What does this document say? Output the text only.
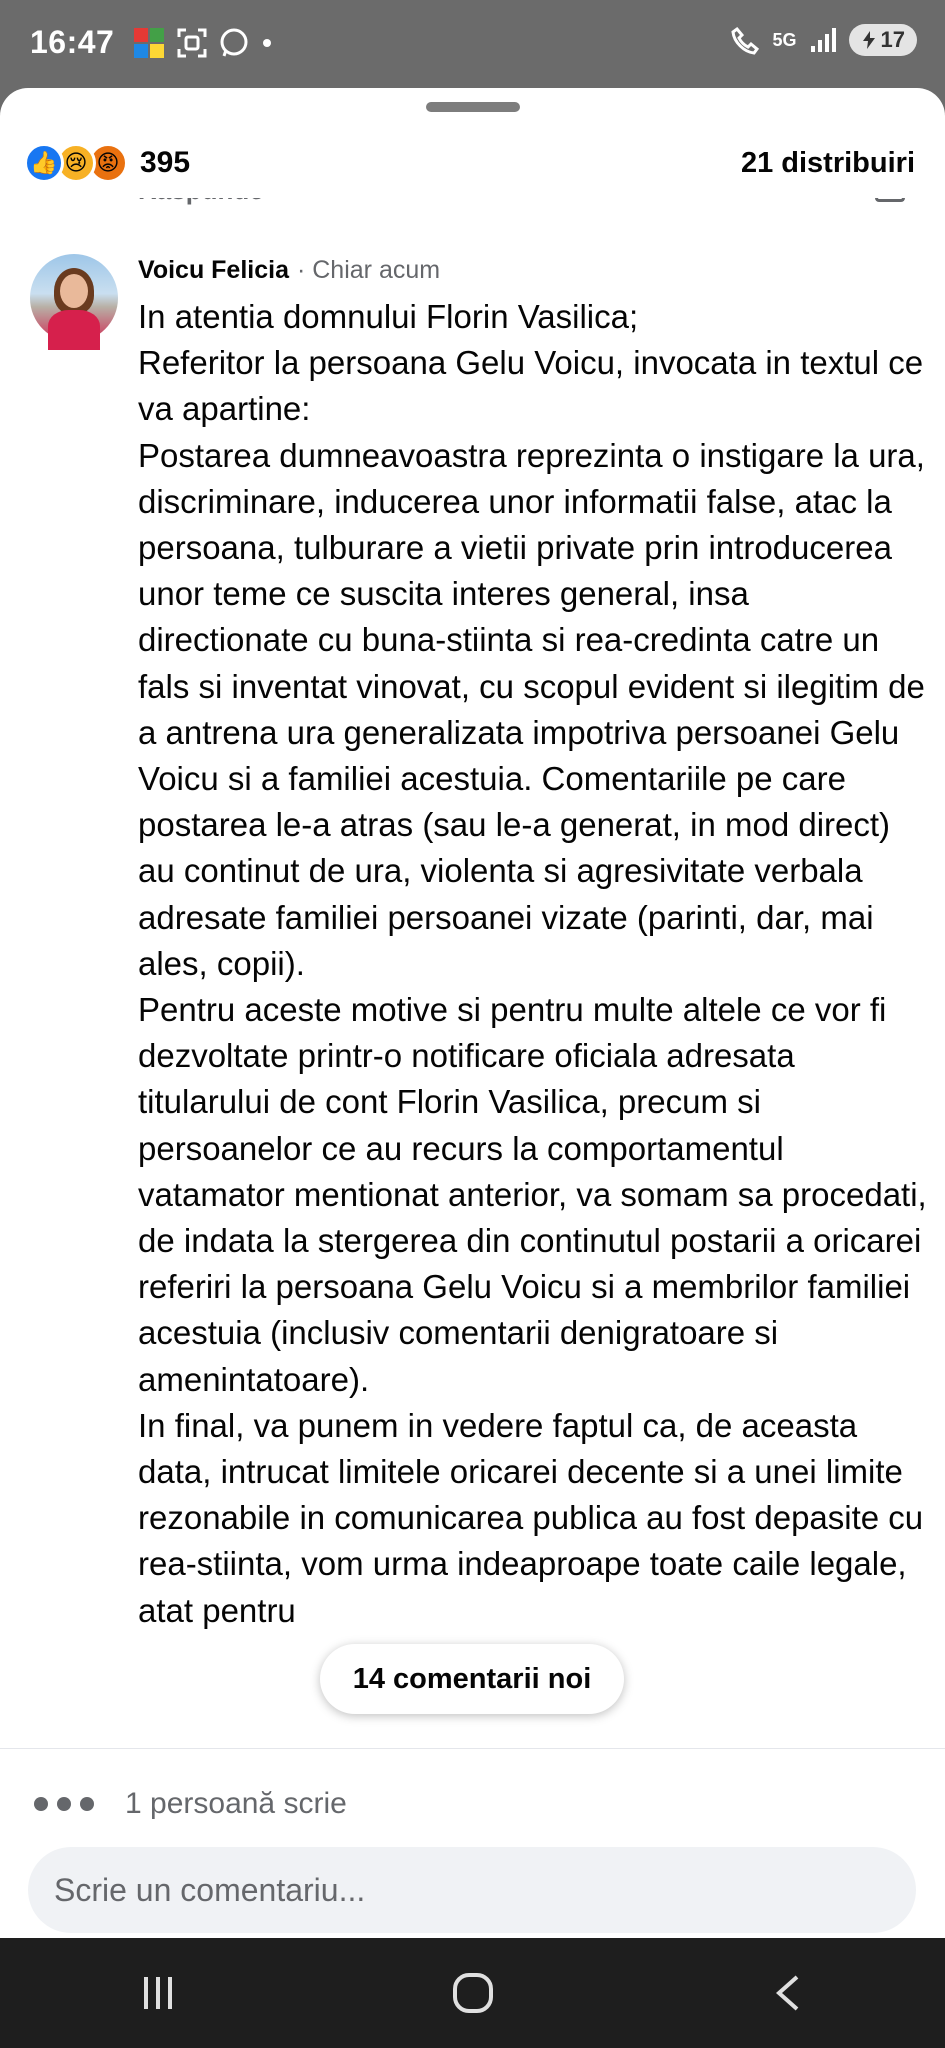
16:47	5G	17
👍 😢 😡 395	21 distribuiri
Voicu Felicia · Chiar acum

In atentia domnului Florin Vasilica;

Referitor la persoana Gelu Voicu, invocata in textul ce va apartine:

Postarea dumneavoastra reprezinta o instigare la ura, discriminare, inducerea unor informatii false, atac la persoana, tulburare a vietii private prin introducerea unor teme ce suscita interes general, insa directionate cu buna-stiinta si rea-credinta catre un fals si inventat vinovat, cu scopul evident si ilegitim de a antrena ura generalizata impotriva persoanei Gelu Voicu si a familiei acestuia. Comentariile pe care postarea le-a atras (sau le-a generat, in mod direct) au continut de ura, violenta si agresivitate verbala adresate familiei persoanei vizate (parinti, dar, mai ales, copii).

Pentru aceste motive si pentru multe altele ce vor fi dezvoltate printr-o notificare oficiala adresata titularului de cont Florin Vasilica, precum si persoanelor ce au recurs la comportamentul vatamator mentionat anterior, va somam sa procedati, de indata la stergerea din continutul postarii a oricarei referiri la persoana Gelu Voicu si a membrilor familiei acestuia (inclusiv comentarii denigratoare si amenintatoare).

In final, va punem in vedere faptul ca, de aceasta data, intrucat limitele oricarei decente si a unei limite rezonabile in comunicarea publica au fost depasite cu rea-stiinta, vom urma indeaproape toate caile legale, atat pentru

14 comentarii noi
1 persoană scrie
Scrie un comentariu...
